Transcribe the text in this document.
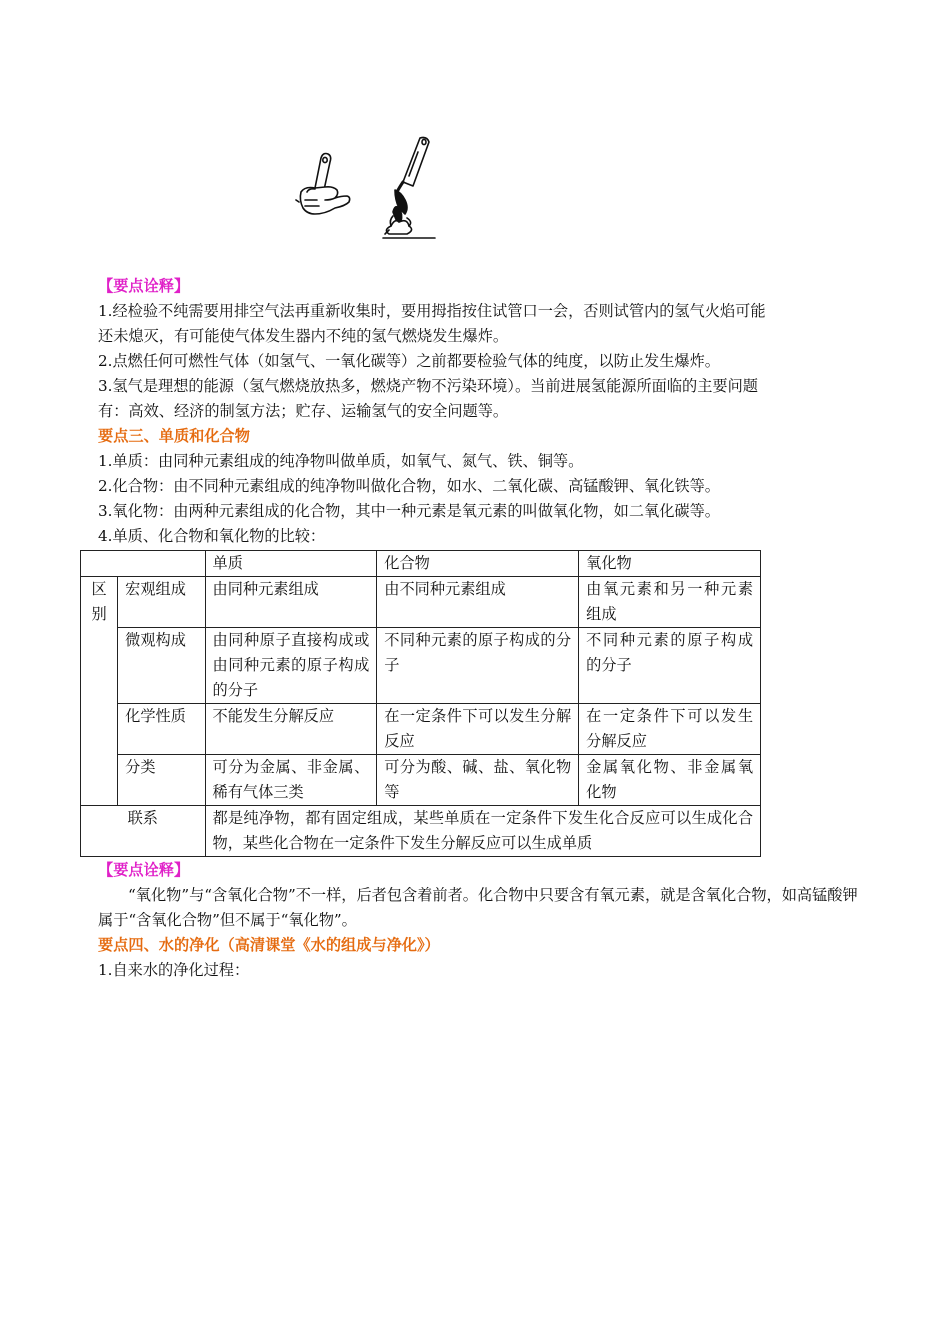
【要点诠释】
1.经检验不纯需要用排空气法再重新收集时，要用拇指按住试管口一会，否则试管内的氢气火焰可能
还未熄灭，有可能使气体发生器内不纯的氢气燃烧发生爆炸。
2.点燃任何可燃性气体（如氢气、一氧化碳等）之前都要检验气体的纯度，以防止发生爆炸。
3.氢气是理想的能源（氢气燃烧放热多，燃烧产物不污染环境）。当前进展氢能源所面临的主要问题
有：高效、经济的制氢方法；贮存、运输氢气的安全问题等。
要点三、单质和化合物
1.单质：由同种元素组成的纯净物叫做单质，如氧气、氮气、铁、铜等。
2.化合物：由不同种元素组成的纯净物叫做化合物，如水、二氧化碳、高锰酸钾、氧化铁等。
3.氧化物：由两种元素组成的化合物，其中一种元素是氧元素的叫做氧化物，如二氧化碳等。
4.单质、化合物和氧化物的比较：
		单质	化合物	氧化物
区别	宏观组成	由同种元素组成	由不同种元素组成	由氧元素和另一种元素组成
	微观构成	由同种原子直接构成或由同种元素的原子构成的分子	不同种元素的原子构成的分子	不同种元素的原子构成的分子
	化学性质	不能发生分解反应	在一定条件下可以发生分解反应	在一定条件下可以发生分解反应
	分类	可分为金属、非金属、稀有气体三类	可分为酸、碱、盐、氧化物等	金属氧化物、非金属氧化物
联系		都是纯净物，都有固定组成，某些单质在一定条件下发生化合反应可以生成化合物，某些化合物在一定条件下发生分解反应可以生成单质		
【要点诠释】
“氧化物”与“含氧化合物”不一样，后者包含着前者。化合物中只要含有氧元素，就是含氧化合物，如高锰酸钾属于“含氧化合物”但不属于“氧化物”。
要点四、水的净化（高清课堂《水的组成与净化》）
1.自来水的净化过程：
